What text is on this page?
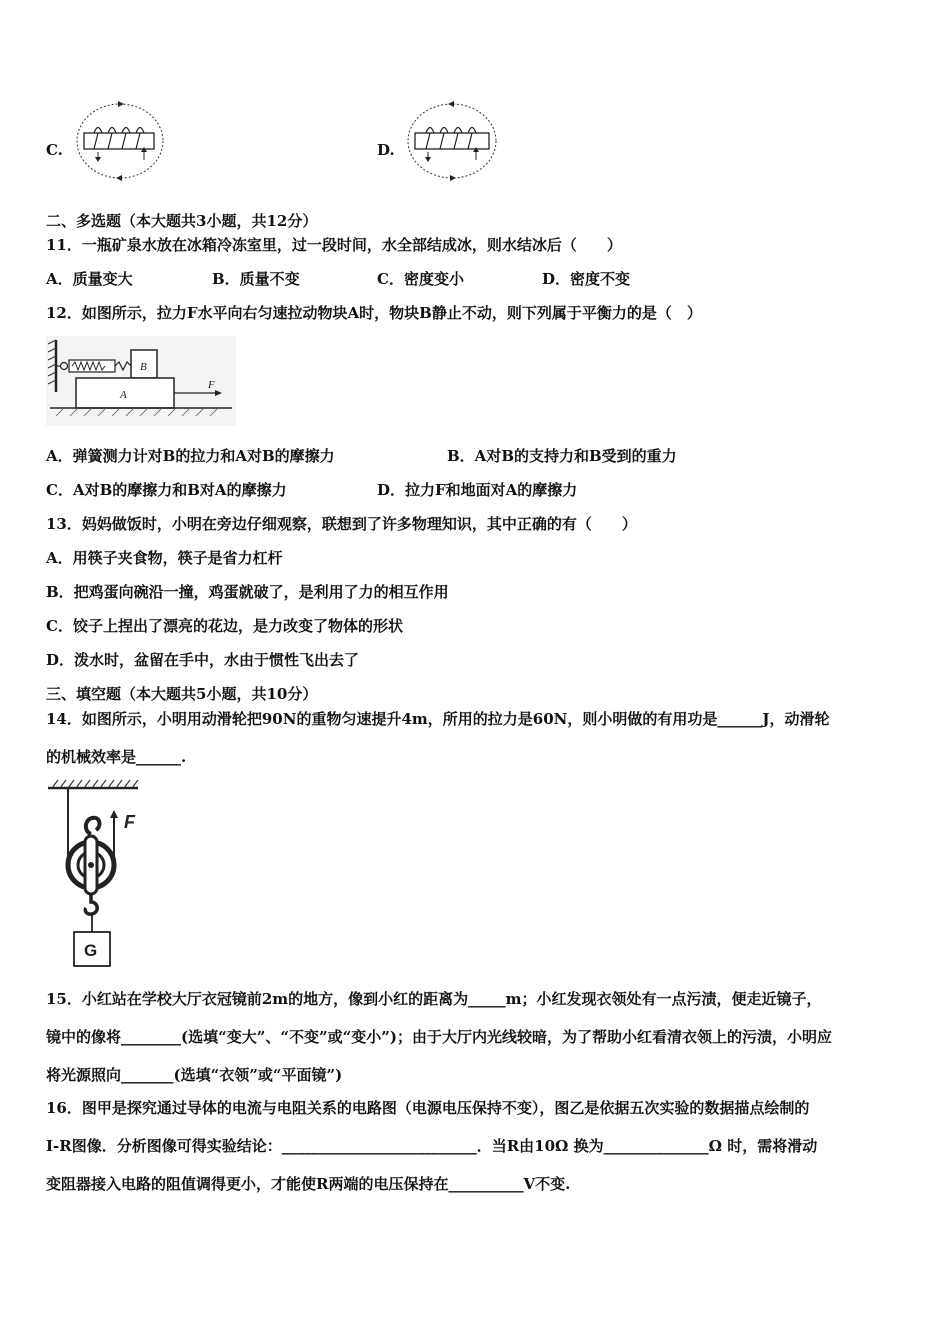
C.	D.
二、多选题（本大题共3小题，共12分）
11．一瓶矿泉水放在冰箱冷冻室里，过一段时间，水全部结成冰，则水结冰后（　　）
A．质量变大	B．质量不变	C．密度变小	D．密度不变
12．如图所示，拉力F水平向右匀速拉动物块A时，物块B静止不动，则下列属于平衡力的是（　）
B
A
F
A．弹簧测力计对B的拉力和A对B的摩擦力	B．A对B的支持力和B受到的重力
C．A对B的摩擦力和B对A的摩擦力	D．拉力F和地面对A的摩擦力
13．妈妈做饭时，小明在旁边仔细观察，联想到了许多物理知识，其中正确的有（　　）
A．用筷子夹食物，筷子是省力杠杆
B．把鸡蛋向碗沿一撞，鸡蛋就破了，是利用了力的相互作用
C．饺子上捏出了漂亮的花边，是力改变了物体的形状
D．泼水时，盆留在手中，水由于惯性飞出去了
三、填空题（本大题共5小题，共10分）
14．如图所示，小明用动滑轮把90N的重物匀速提升4m，所用的拉力是60N，则小明做的有用功是______J，动滑轮
的机械效率是______.
F
G
15．小红站在学校大厅衣冠镜前2m的地方，像到小红的距离为_____m；小红发现衣领处有一点污渍，便走近镜子，
镜中的像将________(选填“变大”、“不变”或“变小”)；由于大厅内光线较暗，为了帮助小红看清衣领上的污渍，小明应
将光源照向_______(选填“衣领”或“平面镜”)
16．图甲是探究通过导体的电流与电阻关系的电路图（电源电压保持不变），图乙是依据五次实验的数据描点绘制的
I-R图像．分析图像可得实验结论：__________________________．当R由10Ω 换为______________Ω 时，需将滑动
变阻器接入电路的阻值调得更小，才能使R两端的电压保持在__________V不变.
